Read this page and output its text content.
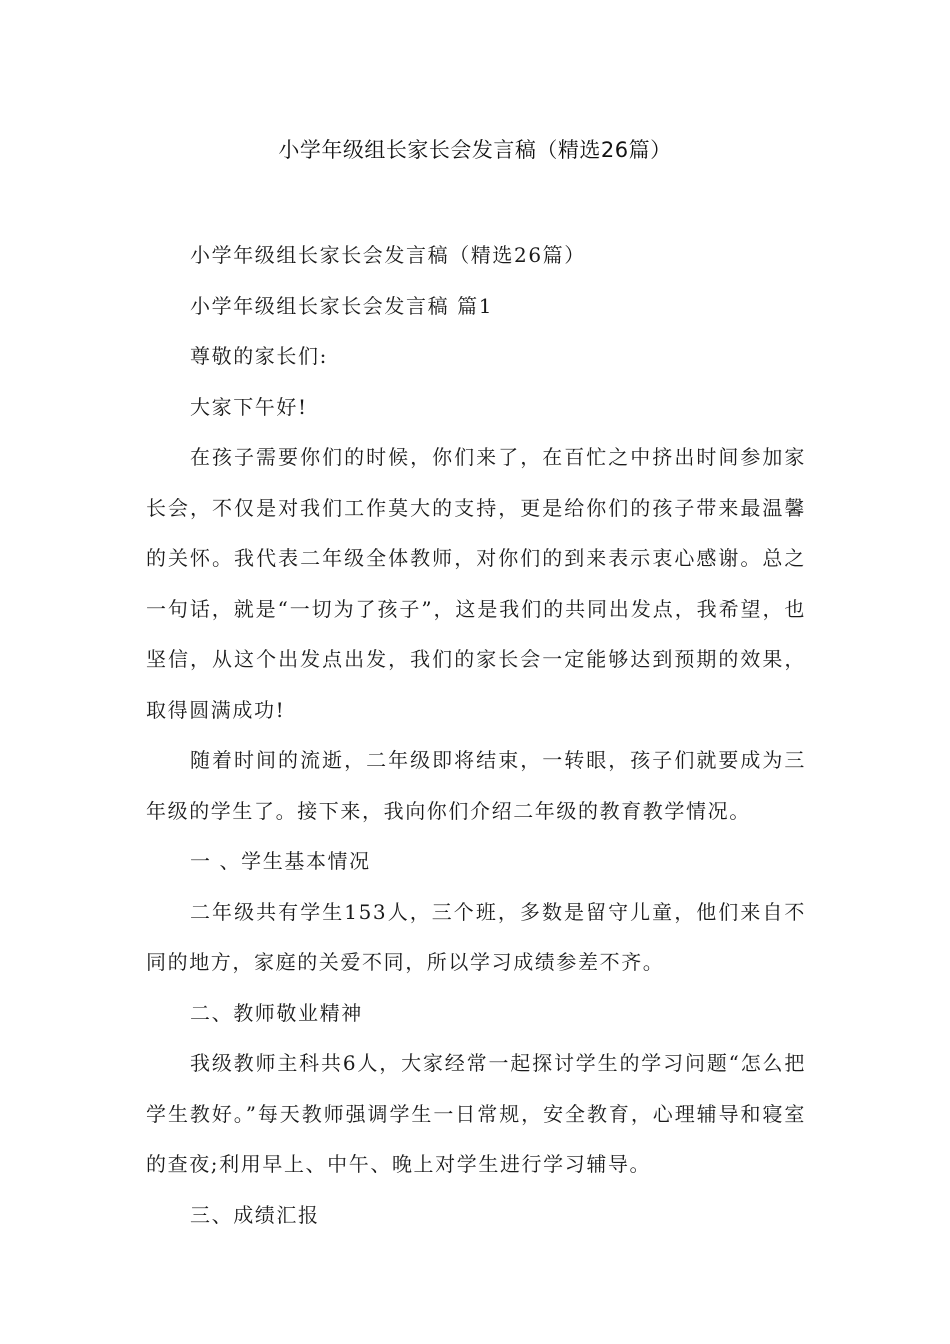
小学年级组长家长会发言稿（精选26篇）

小学年级组长家长会发言稿（精选26篇）

小学年级组长家长会发言稿 篇1

尊敬的家长们:

大家下午好!

在孩子需要你们的时候，你们来了，在百忙之中挤出时间参加家长会，不仅是对我们工作莫大的支持，更是给你们的孩子带来最温馨的关怀。我代表二年级全体教师，对你们的到来表示衷心感谢。总之一句话，就是“一切为了孩子”，这是我们的共同出发点，我希望，也坚信，从这个出发点出发，我们的家长会一定能够达到预期的效果，取得圆满成功!

随着时间的流逝，二年级即将结束，一转眼，孩子们就要成为三年级的学生了。接下来，我向你们介绍二年级的教育教学情况。

一 、学生基本情况

二年级共有学生153人，三个班，多数是留守儿童，他们来自不同的地方，家庭的关爱不同，所以学习成绩参差不齐。

二、教师敬业精神

我级教师主科共6人，大家经常一起探讨学生的学习问题“怎么把学生教好。”每天教师强调学生一日常规，安全教育，心理辅导和寝室的查夜;利用早上、中午、晚上对学生进行学习辅导。

三、成绩汇报
